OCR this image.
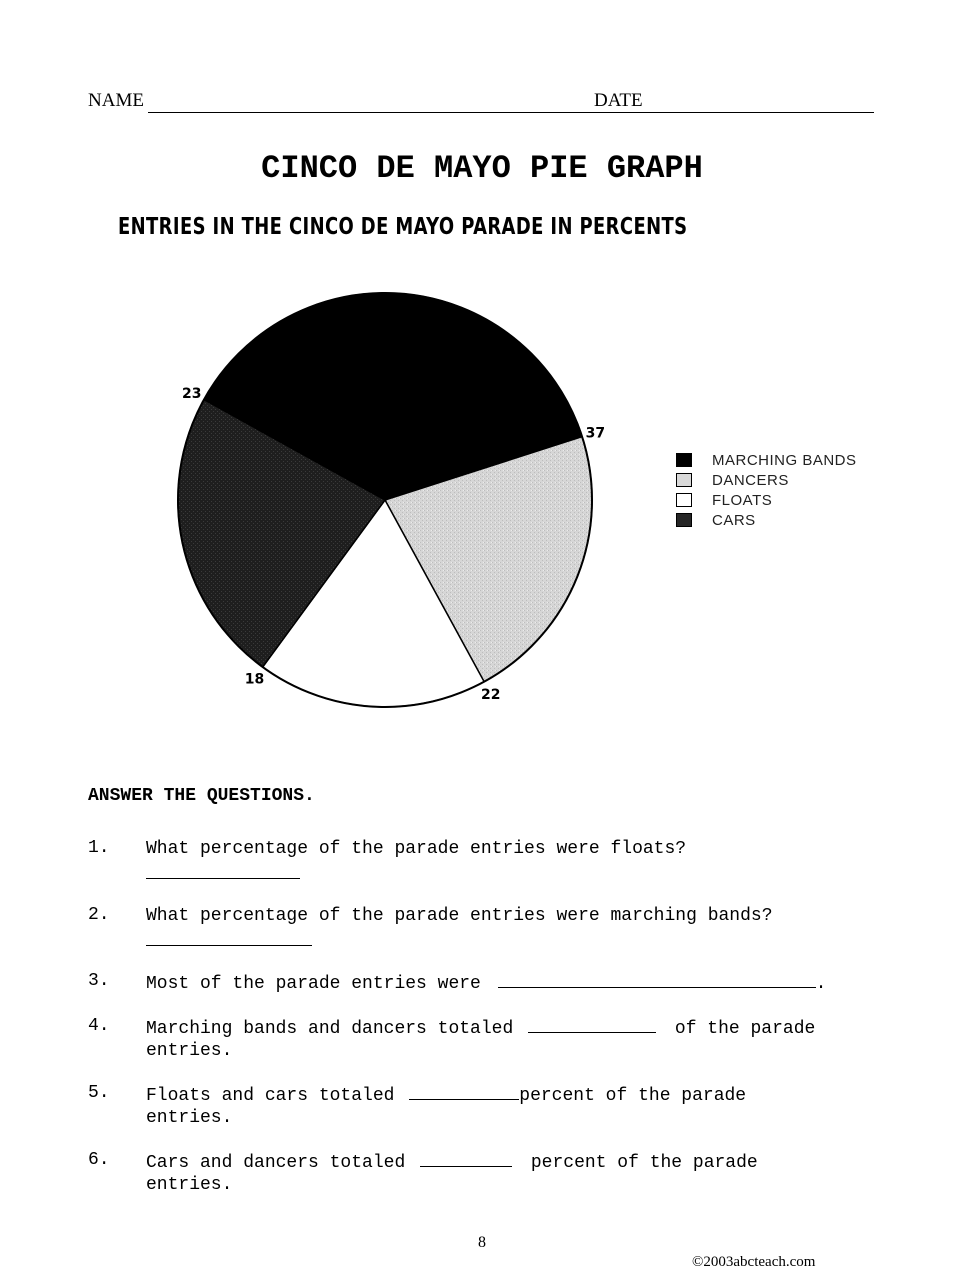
NAME	DATE
CINCO DE MAYO PIE GRAPH
ENTRIES IN THE CINCO DE MAYO PARADE IN PERCENTS
37
22
18
23
MARCHING BANDS
DANCERS
FLOATS
CARS
ANSWER THE QUESTIONS.
1. What percentage of the parade entries were floats?
2. What percentage of the parade entries were marching bands?
3. Most of the parade entries were	.
4. Marching bands and dancers totaled	of the parade
entries.
5. Floats and cars totaled	percent of the parade
entries.
6. Cars and dancers totaled	percent of the parade
entries.
8
©2003abcteach.com
